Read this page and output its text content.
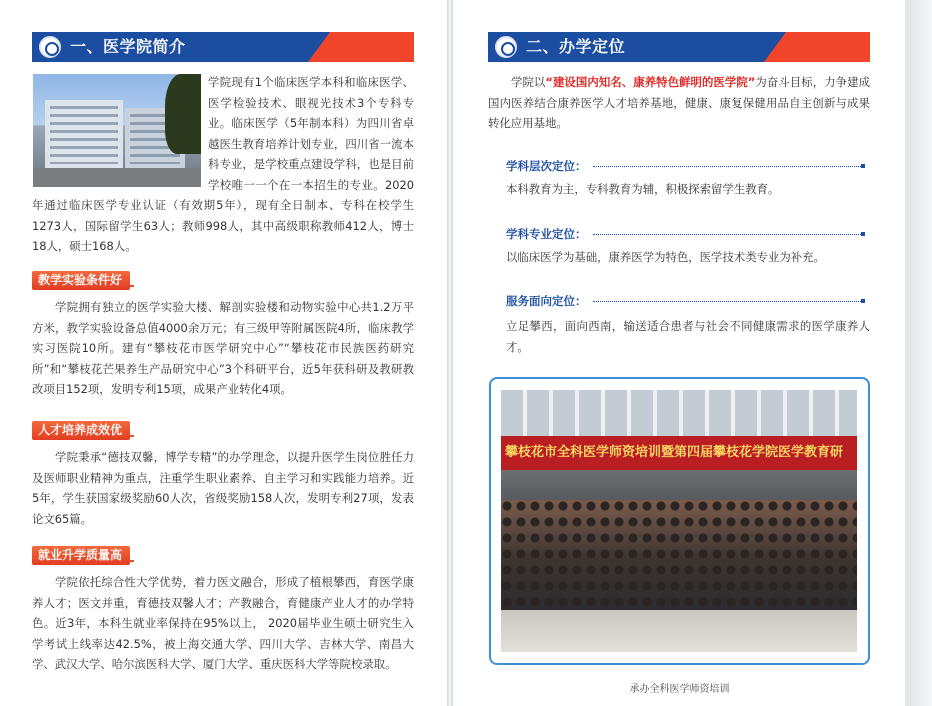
一、医学院简介

学院现有1个临床医学本科和临床医学、医学检验技术、眼视光技术3个专科专业。临床医学（5年制本科）为四川省卓越医生教育培养计划专业，四川省一流本科专业，是学校重点建设学科，也是目前学校唯一一个在一本招生的专业。2020年通过临床医学专业认证（有效期5年），现有全日制本、专科在校学生1273人，国际留学生63人；教师998人，其中高级职称教师412人，博士18人，硕士168人。

教学实验条件好

学院拥有独立的医学实验大楼、解剖实验楼和动物实验中心共1.2万平方米，教学实验设备总值4000余万元；有三级甲等附属医院4所，临床教学实习医院10所。建有“攀枝花市医学研究中心”“攀枝花市民族医药研究所”和“攀枝花芒果养生产品研究中心”3个科研平台，近5年获科研及教研教改项目152项，发明专利15项，成果产业转化4项。

人才培养成效优

学院秉承“德技双馨，博学专精”的办学理念，以提升医学生岗位胜任力及医师职业精神为重点，注重学生职业素养、自主学习和实践能力培养。近5年，学生获国家级奖励60人次，省级奖励158人次，发明专利27项，发表论文65篇。

就业升学质量高

学院依托综合性大学优势，着力医文融合，形成了植根攀西，育医学康养人才；医文并重，育德技双馨人才；产教融合，育健康产业人才的办学特色。近3年，本科生就业率保持在95%以上， 2020届毕业生硕士研究生入学考试上线率达42.5%，被上海交通大学、四川大学、吉林大学、南昌大学、武汉大学、哈尔滨医科大学、厦门大学、重庆医科大学等院校录取。

二、办学定位

学院以“建设国内知名、康养特色鲜明的医学院”为奋斗目标，力争建成国内医养结合康养医学人才培养基地，健康、康复保健用品自主创新与成果转化应用基地。

学科层次定位：

本科教育为主，专科教育为辅，积极探索留学生教育。

学科专业定位：

以临床医学为基础，康养医学为特色，医学技术类专业为补充。

服务面向定位：

立足攀西，面向西南，输送适合患者与社会不同健康需求的医学康养人才。

攀枝花市全科医学师资培训暨第四届攀枝花学院医学教育研
承办全科医学师资培训
